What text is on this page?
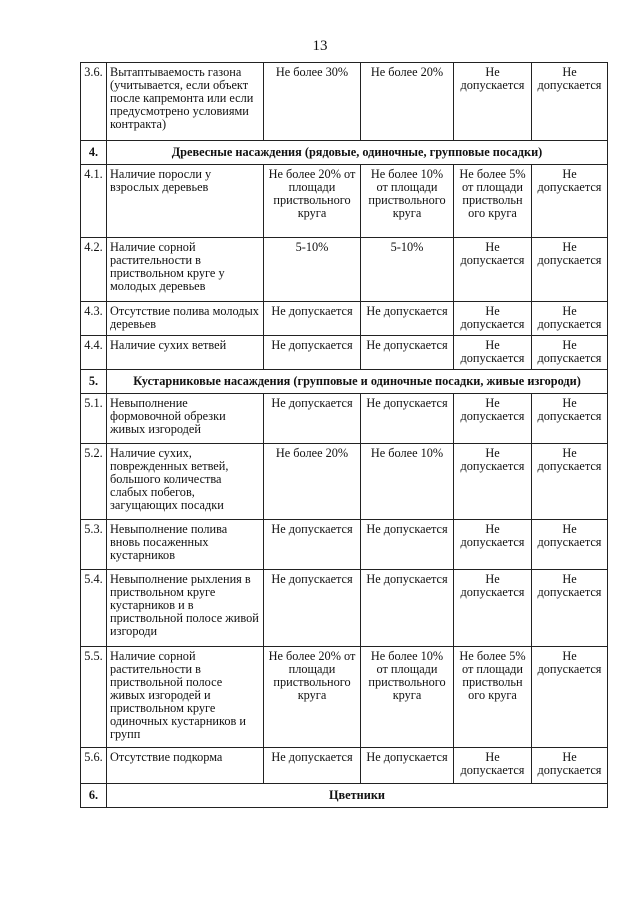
13
3.6.	Вытаптываемость газона (учитывается, если объект после капремонта или если предусмотрено условиями контракта)	Не более 30%	Не более 20%	Не допускается	Не допускается
4.	Древесные насаждения (рядовые, одиночные, групповые посадки)				
4.1.	Наличие поросли у взрослых деревьев	Не более 20% от площади приствольного круга	Не более 10% от площади приствольного круга	Не более 5% от площади приствольн ого круга	Не допускается
4.2.	Наличие сорной растительности в приствольном круге у молодых деревьев	5-10%	5-10%	Не допускается	Не допускается
4.3.	Отсутствие полива молодых деревьев	Не допускается	Не допускается	Не допускается	Не допускается
4.4.	Наличие сухих ветвей	Не допускается	Не допускается	Не допускается	Не допускается
5.	Кустарниковые насаждения (групповые и одиночные посадки, живые изгороди)				
5.1.	Невыполнение формовочной обрезки живых изгородей	Не допускается	Не допускается	Не допускается	Не допускается
5.2.	Наличие сухих, поврежденных ветвей, большого количества слабых побегов, загущающих посадки	Не более 20%	Не более 10%	Не допускается	Не допускается
5.3.	Невыполнение полива вновь посаженных кустарников	Не допускается	Не допускается	Не допускается	Не допускается
5.4.	Невыполнение рыхления в приствольном круге кустарников и в приствольной полосе живой изгороди	Не допускается	Не допускается	Не допускается	Не допускается
5.5.	Наличие сорной растительности в приствольной полосе живых изгородей и приствольном круге одиночных кустарников и групп	Не более 20% от площади приствольного круга	Не более 10% от площади приствольного круга	Не более 5% от площади приствольн ого круга	Не допускается
5.6.	Отсутствие подкорма	Не допускается	Не допускается	Не допускается	Не допускается
6.	Цветники				
